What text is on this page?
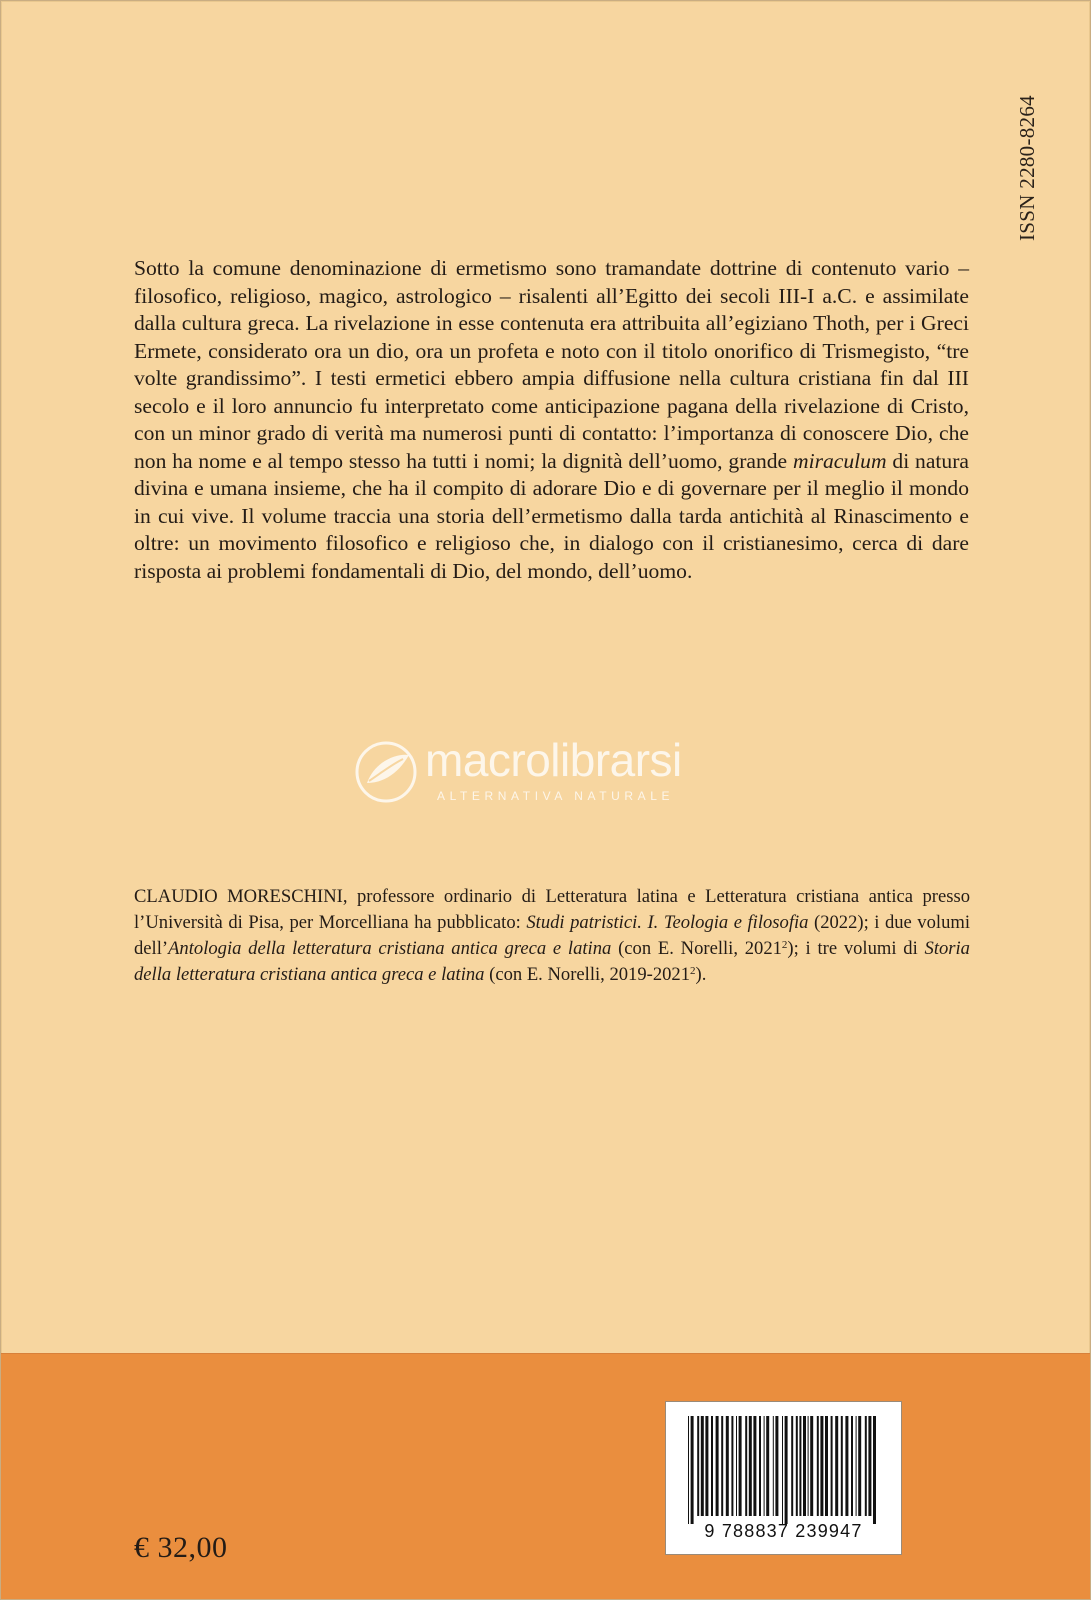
ISSN 2280-8264
Sotto la comune denominazione di ermetismo sono tramandate dottrine di contenuto vario – filosofico, religioso, magico, astrologico – risalenti all’Egitto dei secoli III-I a.C. e assimilate dalla cultura greca. La rivelazione in esse contenuta era attribuita all’egiziano Thoth, per i Greci Ermete, considerato ora un dio, ora un profeta e noto con il titolo onorifico di Trismegisto, “tre volte grandissimo”. I testi ermetici ebbero ampia diffusione nella cultura cristiana fin dal III secolo e il loro annuncio fu interpretato come anticipazione pagana della rivelazione di Cristo, con un minor grado di verità ma numerosi punti di contatto: l’importanza di conoscere Dio, che non ha nome e al tempo stesso ha tutti i nomi; la dignità dell’uomo, grande miraculum di natura divina e umana insieme, che ha il compito di adorare Dio e di governare per il meglio il mondo in cui vive. Il volume traccia una storia dell’ermetismo dalla tarda antichità al Rinascimento e oltre: un movimento filosofico e religioso che, in dialogo con il cristianesimo, cerca di dare risposta ai problemi fondamentali di Dio, del mondo, dell’uomo.
macrolibrarsi
ALTERNATIVA NATURALE
CLAUDIO MORESCHINI, professore ordinario di Letteratura latina e Letteratura cristiana antica presso l’Università di Pisa, per Morcelliana ha pubblicato: Studi patristici. I. Teologia e filosofia (2022); i due volumi dell’Antologia della letteratura cristiana antica greca e latina (con E. Norelli, 2021$^2$); i tre volumi di Storia della letteratura cristiana antica greca e latina (con E. Norelli, 2019-2021$^2$).
€ 32,00	9 788837 239947
